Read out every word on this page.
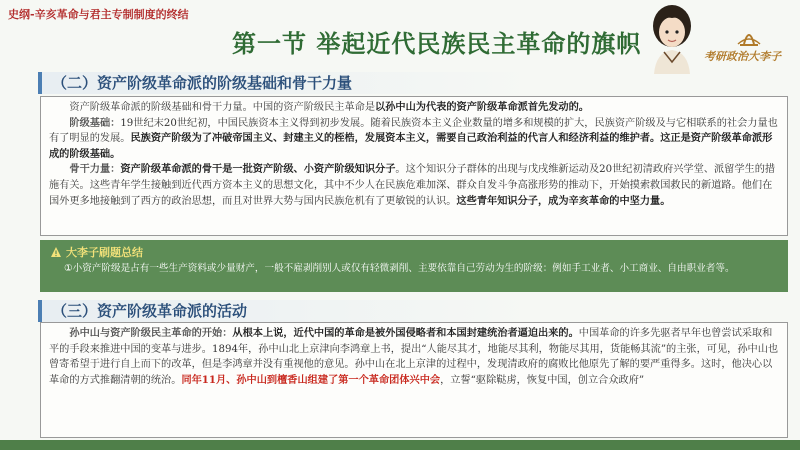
史纲-辛亥革命与君主专制制度的终结
第一节 举起近代民族民主革命的旗帜	考研政治大李子
（二）资产阶级革命派的阶级基础和骨干力量

资产阶级革命派的阶级基础和骨干力量。中国的资产阶级民主革命是以孙中山为代表的资产阶级革命派首先发动的。

阶级基础：19世纪末20世纪初，中国民族资本主义得到初步发展。随着民族资本主义企业数量的增多和规模的扩大，民族资产阶级及与它相联系的社会力量也有了明显的发展。民族资产阶级为了冲破帝国主义、封建主义的桎梏，发展资本主义，需要自己政治利益的代言人和经济利益的维护者。这正是资产阶级革命派形成的阶级基础。

骨干力量：资产阶级革命派的骨干是一批资产阶级、小资产阶级知识分子。这个知识分子群体的出现与戊戌维新运动及20世纪初清政府兴学堂、派留学生的措施有关。这些青年学生接触到近代西方资本主义的思想文化，其中不少人在民族危难加深、群众自发斗争高涨形势的推动下，开始摸索救国救民的新道路。他们在国外更多地接触到了西方的政治思想，而且对世界大势与国内民族危机有了更敏锐的认识。这些青年知识分子，成为辛亥革命的中坚力量。

大李子刷题总结
①小资产阶级是占有一些生产资料或少量财产，一般不雇剥削别人或仅有轻微剥削、主要依靠自己劳动为生的阶级：例如手工业者、小工商业、自由职业者等。
（三）资产阶级革命派的活动

孙中山与资产阶级民主革命的开始：从根本上说，近代中国的革命是被外国侵略者和本国封建统治者逼迫出来的。中国革命的许多先驱者早年也曾尝试采取和平的手段来推进中国的变革与进步。1894年，孙中山北上京津向李鸿章上书，提出“人能尽其才，地能尽其利，物能尽其用，货能畅其流”的主张，可见，孙中山也曾寄希望于进行自上而下的改革，但是李鸿章并没有重视他的意见。孙中山在北上京津的过程中，发现清政府的腐败比他原先了解的要严重得多。这时，他决心以革命的方式推翻清朝的统治。同年11月、孙中山到檀香山组建了第一个革命团体兴中会，立誓“驱除鞑虏，恢复中国，创立合众政府”
